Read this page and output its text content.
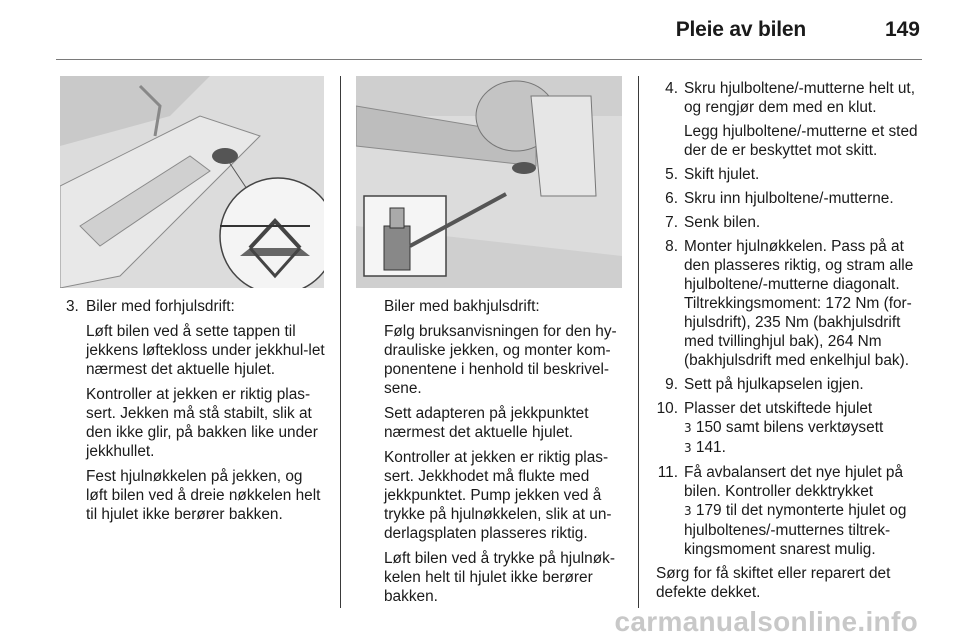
Pleie av bilen	149
3. Biler med forhjulsdrift:

Løft bilen ved å sette tappen til jekkens løftekloss under jekkhul-let nærmest det aktuelle hjulet.

Kontroller at jekken er riktig plas-sert. Jekken må stå stabilt, slik at den ikke glir, på bakken like under jekkhullet.

Fest hjulnøkkelen på jekken, og løft bilen ved å dreie nøkkelen helt til hjulet ikke berører bakken.

Biler med bakhjulsdrift:

Følg bruksanvisningen for den hy-drauliske jekken, og monter kom-ponentene i henhold til beskrivel-sene.

Sett adapteren på jekkpunktet nærmest det aktuelle hjulet.

Kontroller at jekken er riktig plas-sert. Jekkhodet må flukte med jekkpunktet. Pump jekken ved å trykke på hjulnøkkelen, slik at un-derlagsplaten plasseres riktig.

Løft bilen ved å trykke på hjulnøk-kelen helt til hjulet ikke berører bakken.

4. Skru hjulboltene/-mutterne helt ut, og rengjør dem med en klut.

Legg hjulboltene/-mutterne et sted der de er beskyttet mot skitt.

5. Skift hjulet.

6. Skru inn hjulboltene/-mutterne.

7. Senk bilen.

8. Monter hjulnøkkelen. Pass på at den plasseres riktig, og stram alle hjulboltene/-mutterne diagonalt. Tiltrekkingsmoment: 172 Nm (for-hjulsdrift), 235 Nm (bakhjulsdrift med tvillinghjul bak), 264 Nm (bakhjulsdrift med enkelhjul bak).

9. Sett på hjulkapselen igjen.

10. Plasser det utskiftede hjulet
3 150 samt bilens verktøysett
3 141.

11. Få avbalansert det nye hjulet på bilen. Kontroller dekktrykket
3 179 til det nymonterte hjulet og hjulboltenes/-mutternes tiltrek-kingsmoment snarest mulig.

Sørg for få skiftet eller reparert det defekte dekket.

carmanualsonline.info
